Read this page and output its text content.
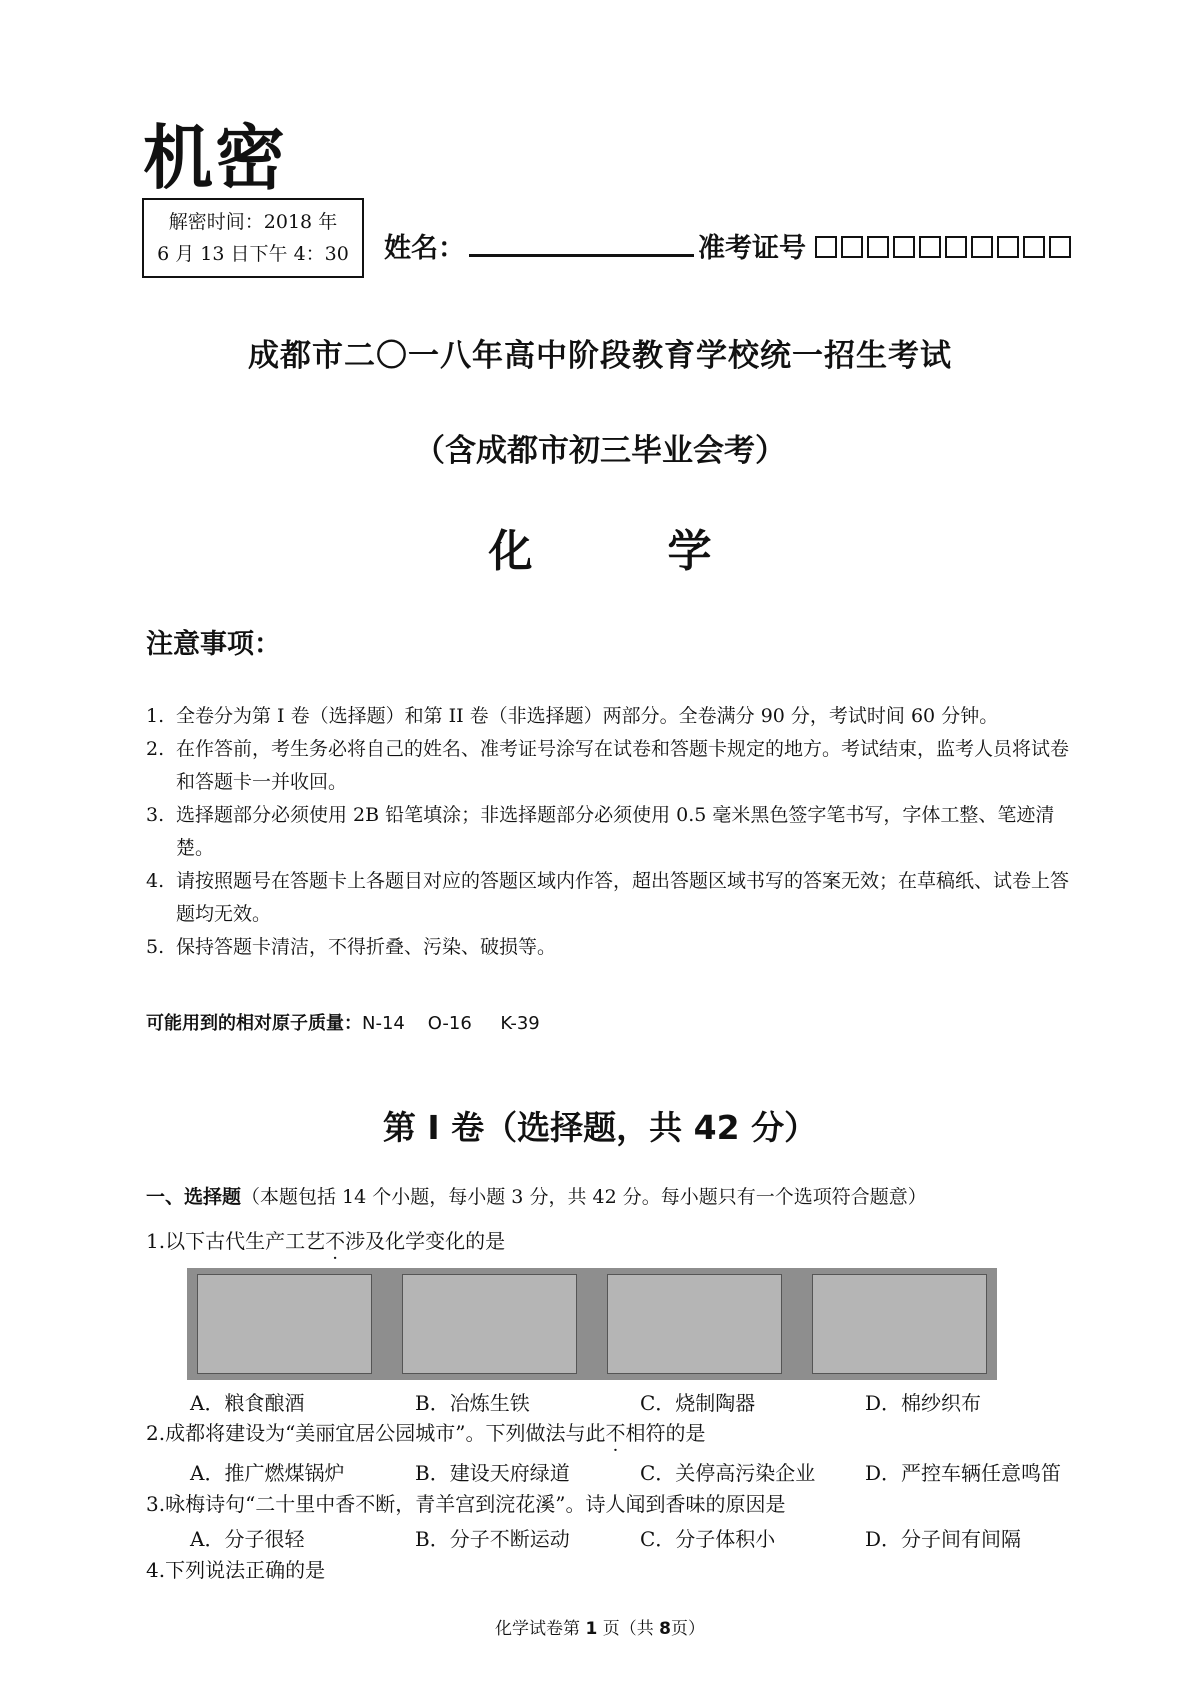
机密
解密时间：2018 年
6 月 13 日下午 4：30	姓名：	准考证号
成都市二〇一八年高中阶段教育学校统一招生考试
（含成都市初三毕业会考）
化	学
注意事项：
1. 全卷分为第 I 卷（选择题）和第 II 卷（非选择题）两部分。全卷满分 90 分，考试时间 60 分钟。
2. 在作答前，考生务必将自己的姓名、准考证号涂写在试卷和答题卡规定的地方。考试结束，监考人员将试卷和答题卡一并收回。
3. 选择题部分必须使用 2B 铅笔填涂；非选择题部分必须使用 0.5 毫米黑色签字笔书写，字体工整、笔迹清楚。
4. 请按照题号在答题卡上各题目对应的答题区域内作答，超出答题区域书写的答案无效；在草稿纸、试卷上答题均无效。
5. 保持答题卡清洁，不得折叠、污染、破损等。
可能用到的相对原子质量：N-14    O-16     K-39
第 I 卷（选择题，共 42 分）
一、选择题（本题包括 14 个小题，每小题 3 分，共 42 分。每小题只有一个选项符合题意）
1.以下古代生产工艺不涉及化学变化的是
A．粮食酿酒	B．冶炼生铁	C．烧制陶器	D．棉纱织布
2.成都将建设为“美丽宜居公园城市”。下列做法与此不相符的是
A．推广燃煤锅炉	B．建设天府绿道	C．关停高污染企业	D．严控车辆任意鸣笛
3.咏梅诗句“二十里中香不断，青羊宫到浣花溪”。诗人闻到香味的原因是
A．分子很轻	B．分子不断运动	C．分子体积小	D．分子间有间隔
4.下列说法正确的是
化学试卷第 1 页（共 8页）
